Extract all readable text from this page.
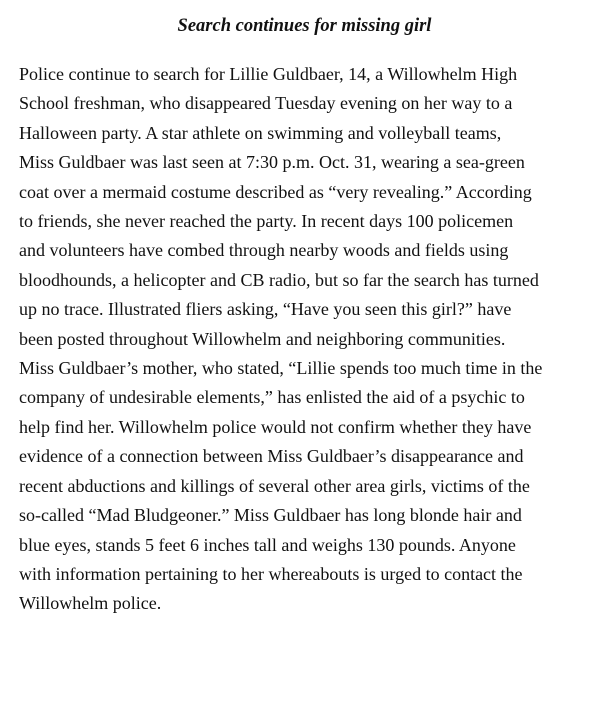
Search continues for missing girl
Police continue to search for Lillie Guldbaer, 14, a Willowhelm High
School freshman, who disappeared Tuesday evening on her way to a
Halloween party. A star athlete on swimming and volleyball teams,
Miss Guldbaer was last seen at 7:30 p.m. Oct. 31, wearing a sea-green
coat over a mermaid costume described as “very revealing.” According
to friends, she never reached the party. In recent days 100 policemen
and volunteers have combed through nearby woods and fields using
bloodhounds, a helicopter and CB radio, but so far the search has turned
up no trace. Illustrated fliers asking, “Have you seen this girl?” have
been posted throughout Willowhelm and neighboring communities.
Miss Guldbaer’s mother, who stated, “Lillie spends too much time in the
company of undesirable elements,” has enlisted the aid of a psychic to
help find her. Willowhelm police would not confirm whether they have
evidence of a connection between Miss Guldbaer’s disappearance and
recent abductions and killings of several other area girls, victims of the
so-called “Mad Bludgeoner.” Miss Guldbaer has long blonde hair and
blue eyes, stands 5 feet 6 inches tall and weighs 130 pounds. Anyone
with information pertaining to her whereabouts is urged to contact the
Willowhelm police.
